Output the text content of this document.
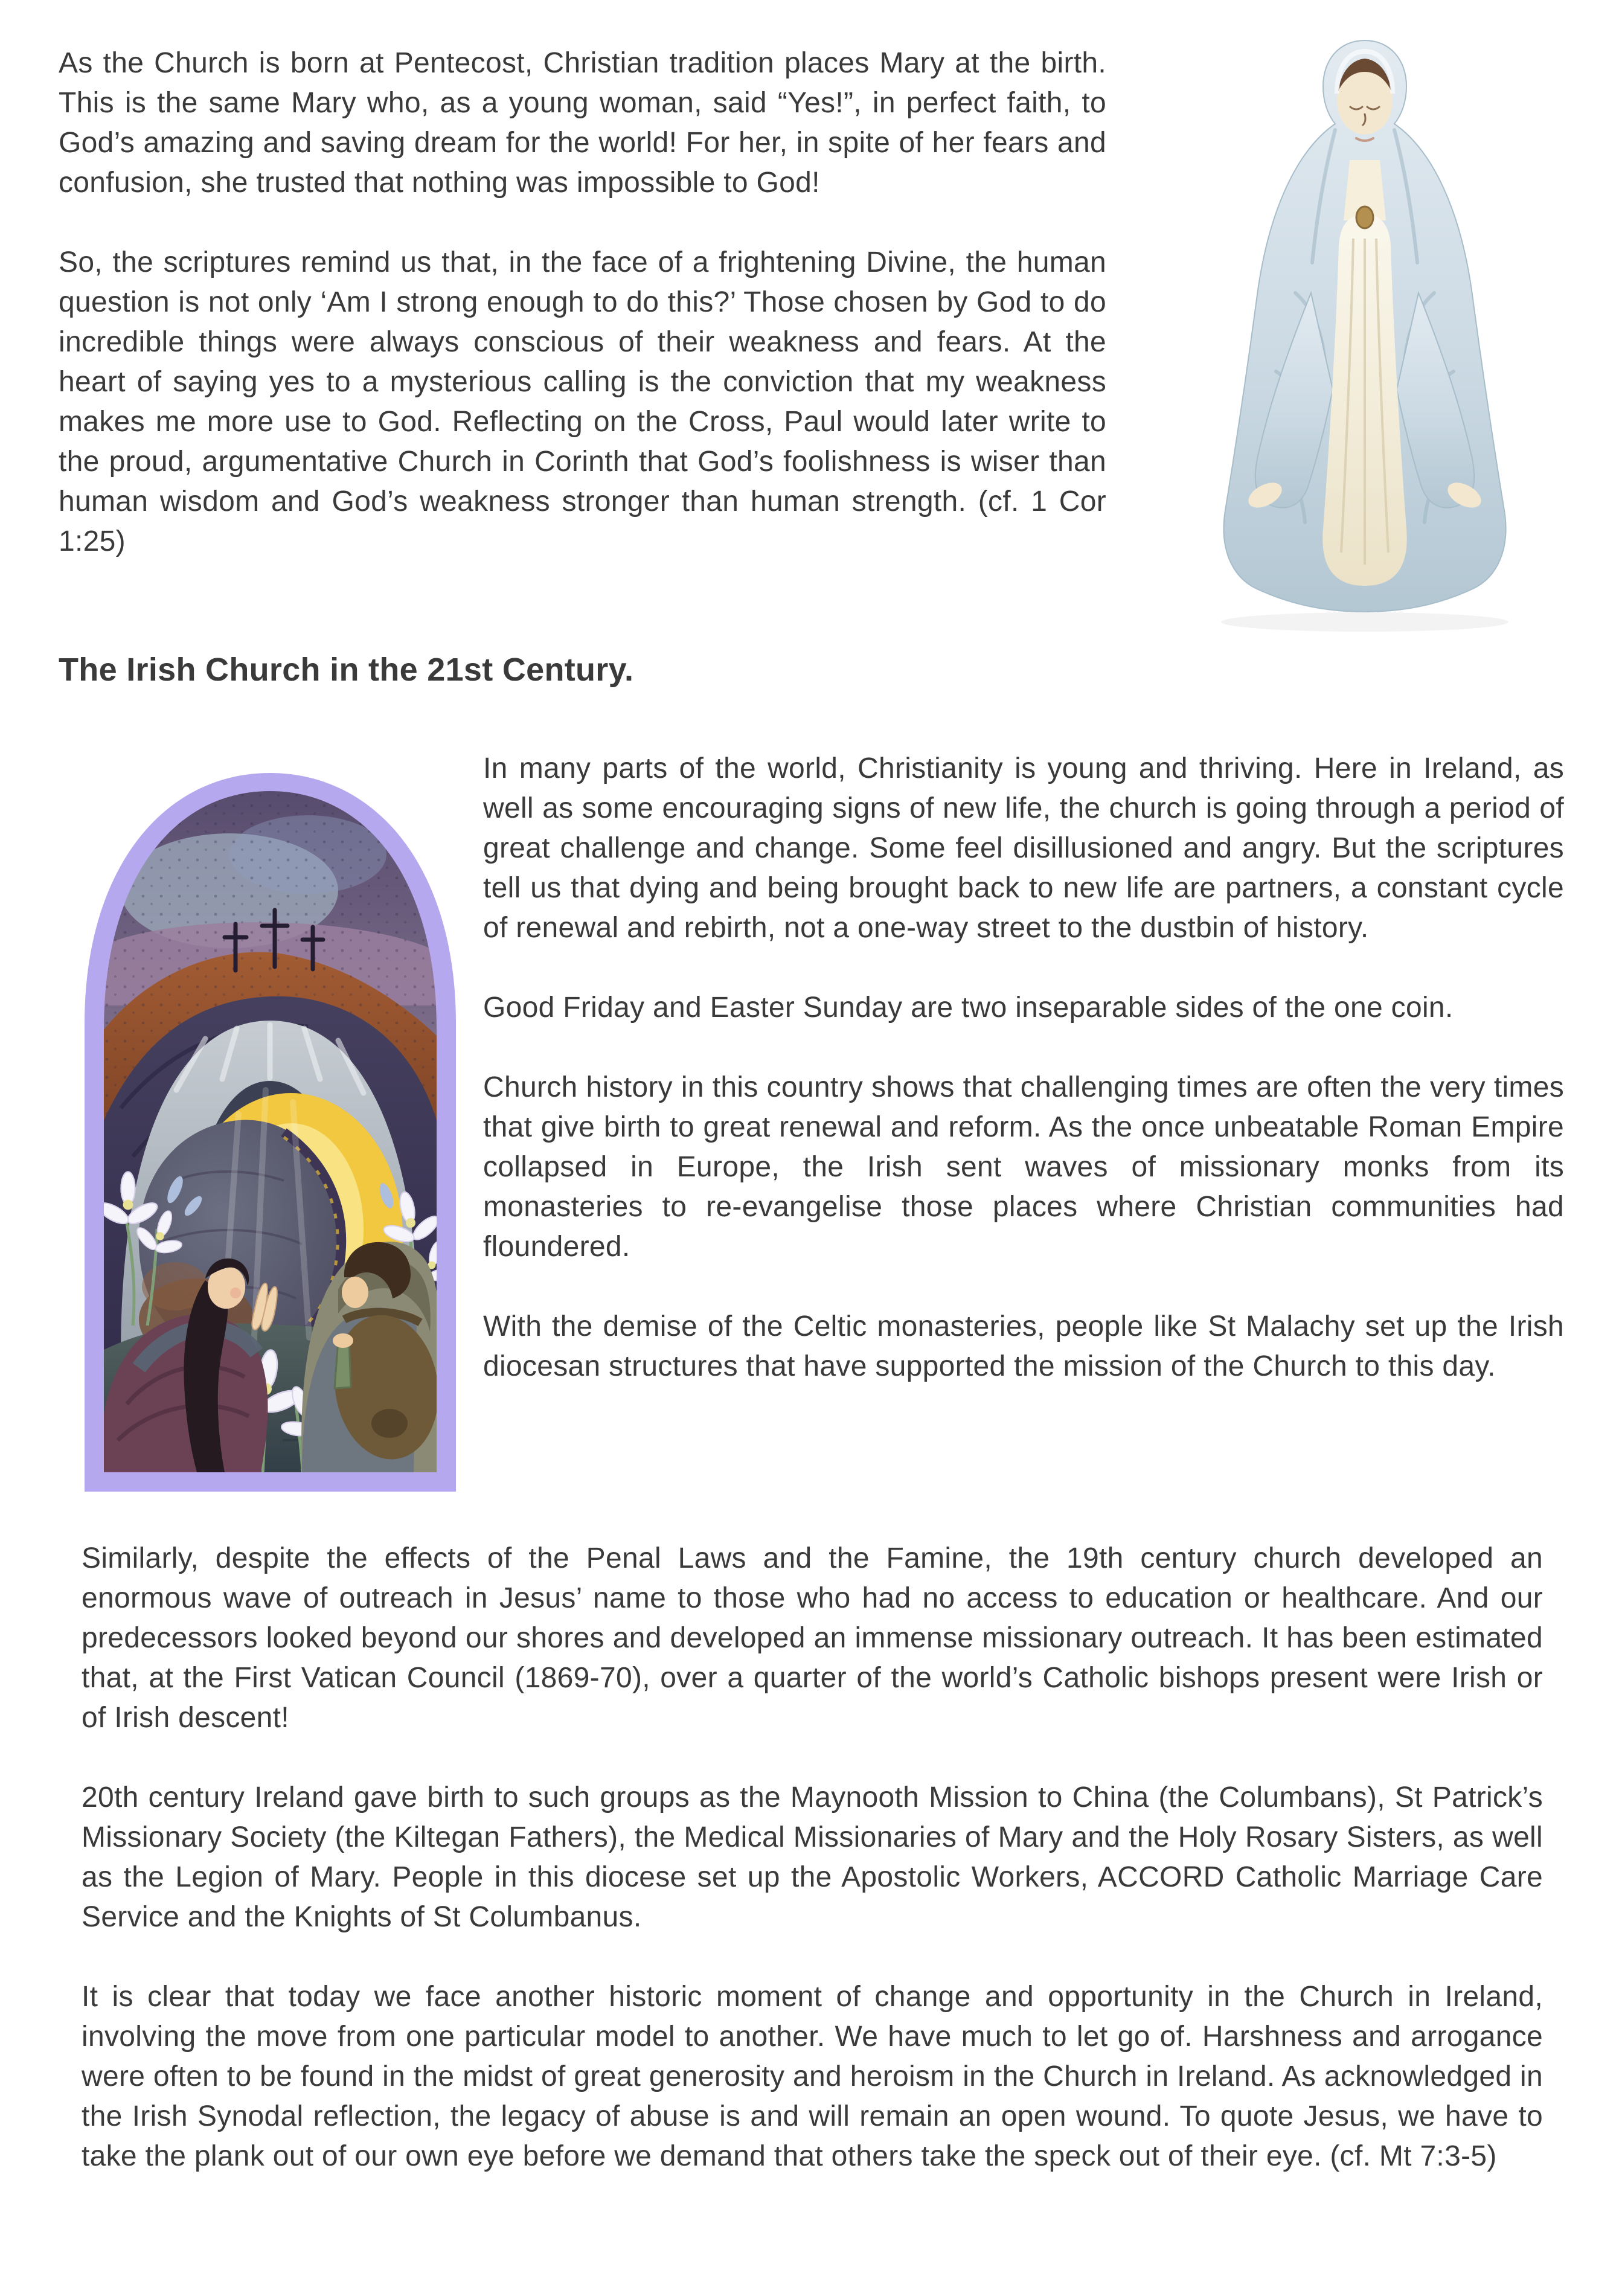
As the Church is born at Pentecost, Christian tradition places Mary at the birth. This is the same Mary who, as a young woman, said “Yes!”, in perfect faith, to God’s amazing and saving dream for the world! For her, in spite of her fears and confusion, she trusted that nothing was impossible to God!

So, the scriptures remind us that, in the face of a frightening Divine, the human question is not only ‘Am I strong enough to do this?’ Those chosen by God to do incredible things were always conscious of their weakness and fears. At the heart of saying yes to a mysterious calling is the conviction that my weakness makes me more use to God. Reflecting on the Cross, Paul would later write to the proud, argumentative Church in Corinth that God’s foolishness is wiser than human wisdom and God’s weakness stronger than human strength. (cf. 1 Cor 1:25)

The Irish Church in the 21st Century.

In many parts of the world, Christianity is young and thriving. Here in Ireland, as well as some encouraging signs of new life, the church is going through a period of great challenge and change. Some feel disillusioned and angry. But the scriptures tell us that dying and being brought back to new life are partners, a constant cycle of renewal and rebirth, not a one-way street to the dustbin of history.

Good Friday and Easter Sunday are two inseparable sides of the one coin.

Church history in this country shows that challenging times are often the very times that give birth to great renewal and reform. As the once unbeatable Roman Empire collapsed in Europe, the Irish sent waves of missionary monks from its monasteries to re-evangelise those places where Christian communities had floundered.

With the demise of the Celtic monasteries, people like St Malachy set up the Irish diocesan structures that have supported the mission of the Church to this day.

Similarly, despite the effects of the Penal Laws and the Famine, the 19th century church developed an enormous wave of outreach in Jesus’ name to those who had no access to education or healthcare. And our predecessors looked beyond our shores and developed an immense missionary outreach. It has been estimated that, at the First Vatican Council (1869-70), over a quarter of the world’s Catholic bishops present were Irish or of Irish descent!

20th century Ireland gave birth to such groups as the Maynooth Mission to China (the Columbans), St Patrick’s Missionary Society (the Kiltegan Fathers), the Medical Missionaries of Mary and the Holy Rosary Sisters, as well as the Legion of Mary. People in this diocese set up the Apostolic Workers, ACCORD Catholic Marriage Care Service and the Knights of St Columbanus.

It is clear that today we face another historic moment of change and opportunity in the Church in Ireland, involving the move from one particular model to another. We have much to let go of. Harshness and arrogance were often to be found in the midst of great generosity and heroism in the Church in Ireland. As acknowledged in the Irish Synodal reflection, the legacy of abuse is and will remain an open wound. To quote Jesus, we have to take the plank out of our own eye before we demand that others take the speck out of their eye. (cf. Mt 7:3-5)
